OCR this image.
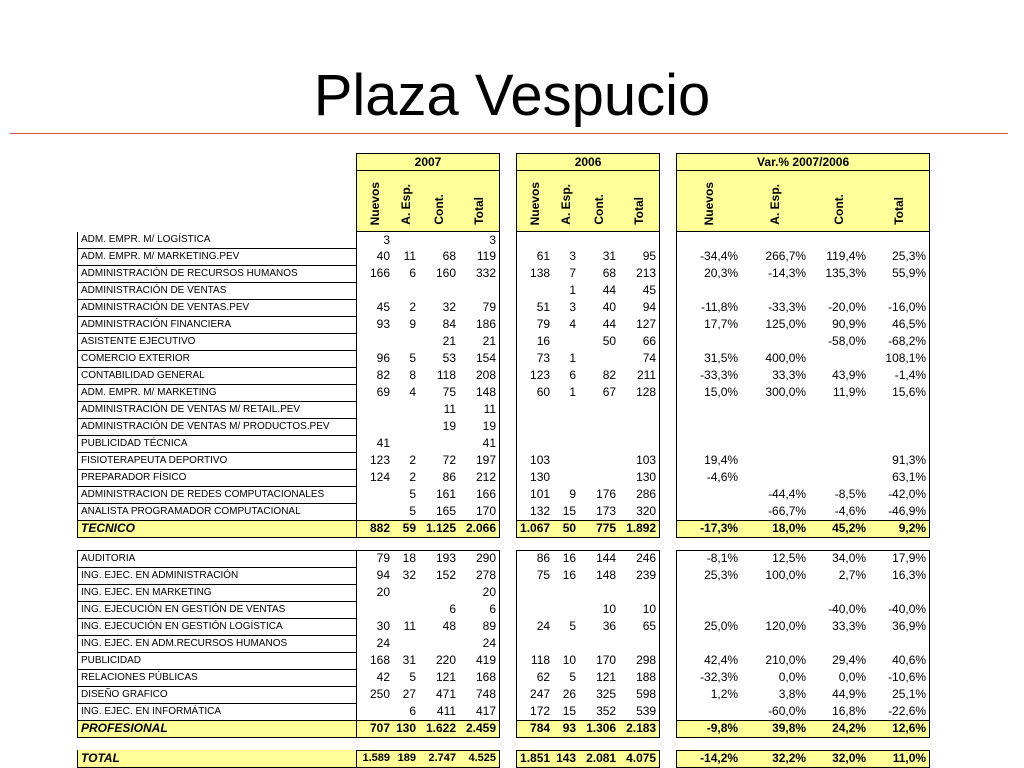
Plaza Vespucio
	2007					2006					Var.% 2007/2006			
	Nuevos	A. Esp.	Cont.	Total		Nuevos	A. Esp.	Cont.	Total		Nuevos	A. Esp.	Cont.	Total
ADM. EMPR. M/ LOGÍSTICA	3			3										
ADM. EMPR. M/ MARKETING.PEV	40	11	68	119		61	3	31	95		-34,4%	266,7%	119,4%	25,3%
ADMINISTRACIÓN DE RECURSOS HUMANOS	166	6	160	332		138	7	68	213		20,3%	-14,3%	135,3%	55,9%
ADMINISTRACIÓN DE VENTAS							1	44	45					
ADMINISTRACIÓN DE VENTAS.PEV	45	2	32	79		51	3	40	94		-11,8%	-33,3%	-20,0%	-16,0%
ADMINISTRACIÓN FINANCIERA	93	9	84	186		79	4	44	127		17,7%	125,0%	90,9%	46,5%
ASISTENTE EJECUTIVO			21	21		16		50	66				-58,0%	-68,2%
COMERCIO EXTERIOR	96	5	53	154		73	1		74		31,5%	400,0%		108,1%
CONTABILIDAD GENERAL	82	8	118	208		123	6	82	211		-33,3%	33,3%	43,9%	-1,4%
ADM. EMPR. M/ MARKETING	69	4	75	148		60	1	67	128		15,0%	300,0%	11,9%	15,6%
ADMINISTRACIÓN DE VENTAS M/ RETAIL.PEV			11	11										
ADMINISTRACIÓN DE VENTAS M/ PRODUCTOS.PEV			19	19										
PUBLICIDAD TÉCNICA	41			41										
FISIOTERAPEUTA DEPORTIVO	123	2	72	197		103			103		19,4%			91,3%
PREPARADOR FÍSICO	124	2	86	212		130			130		-4,6%			63,1%
ADMINISTRACION DE REDES COMPUTACIONALES		5	161	166		101	9	176	286			-44,4%	-8,5%	-42,0%
ANALISTA PROGRAMADOR COMPUTACIONAL		5	165	170		132	15	173	320			-66,7%	-4,6%	-46,9%
TECNICO	882	59	1.125	2.066		1.067	50	775	1.892		-17,3%	18,0%	45,2%	9,2%

AUDITORIA	79	18	193	290		86	16	144	246		-8,1%	12,5%	34,0%	17,9%
ING. EJEC. EN ADMINISTRACIÓN	94	32	152	278		75	16	148	239		25,3%	100,0%	2,7%	16,3%
ING. EJEC. EN MARKETING	20			20										
ING. EJECUCIÓN EN GESTIÓN DE VENTAS			6	6				10	10				-40,0%	-40,0%
ING. EJECUCIÓN EN GESTIÓN LOGÍSTICA	30	11	48	89		24	5	36	65		25,0%	120,0%	33,3%	36,9%
ING. EJEC. EN ADM.RECURSOS HUMANOS	24			24										
PUBLICIDAD	168	31	220	419		118	10	170	298		42,4%	210,0%	29,4%	40,6%
RELACIONES PÚBLICAS	42	5	121	168		62	5	121	188		-32,3%	0,0%	0,0%	-10,6%
DISEÑO GRAFICO	250	27	471	748		247	26	325	598		1,2%	3,8%	44,9%	25,1%
ING. EJEC. EN INFORMÁTICA		6	411	417		172	15	352	539			-60,0%	16,8%	-22,6%
PROFESIONAL	707	130	1.622	2.459		784	93	1.306	2.183		-9,8%	39,8%	24,2%	12,6%

TOTAL	1.589	189	2.747	4.525		1.851	143	2.081	4.075		-14,2%	32,2%	32,0%	11,0%
